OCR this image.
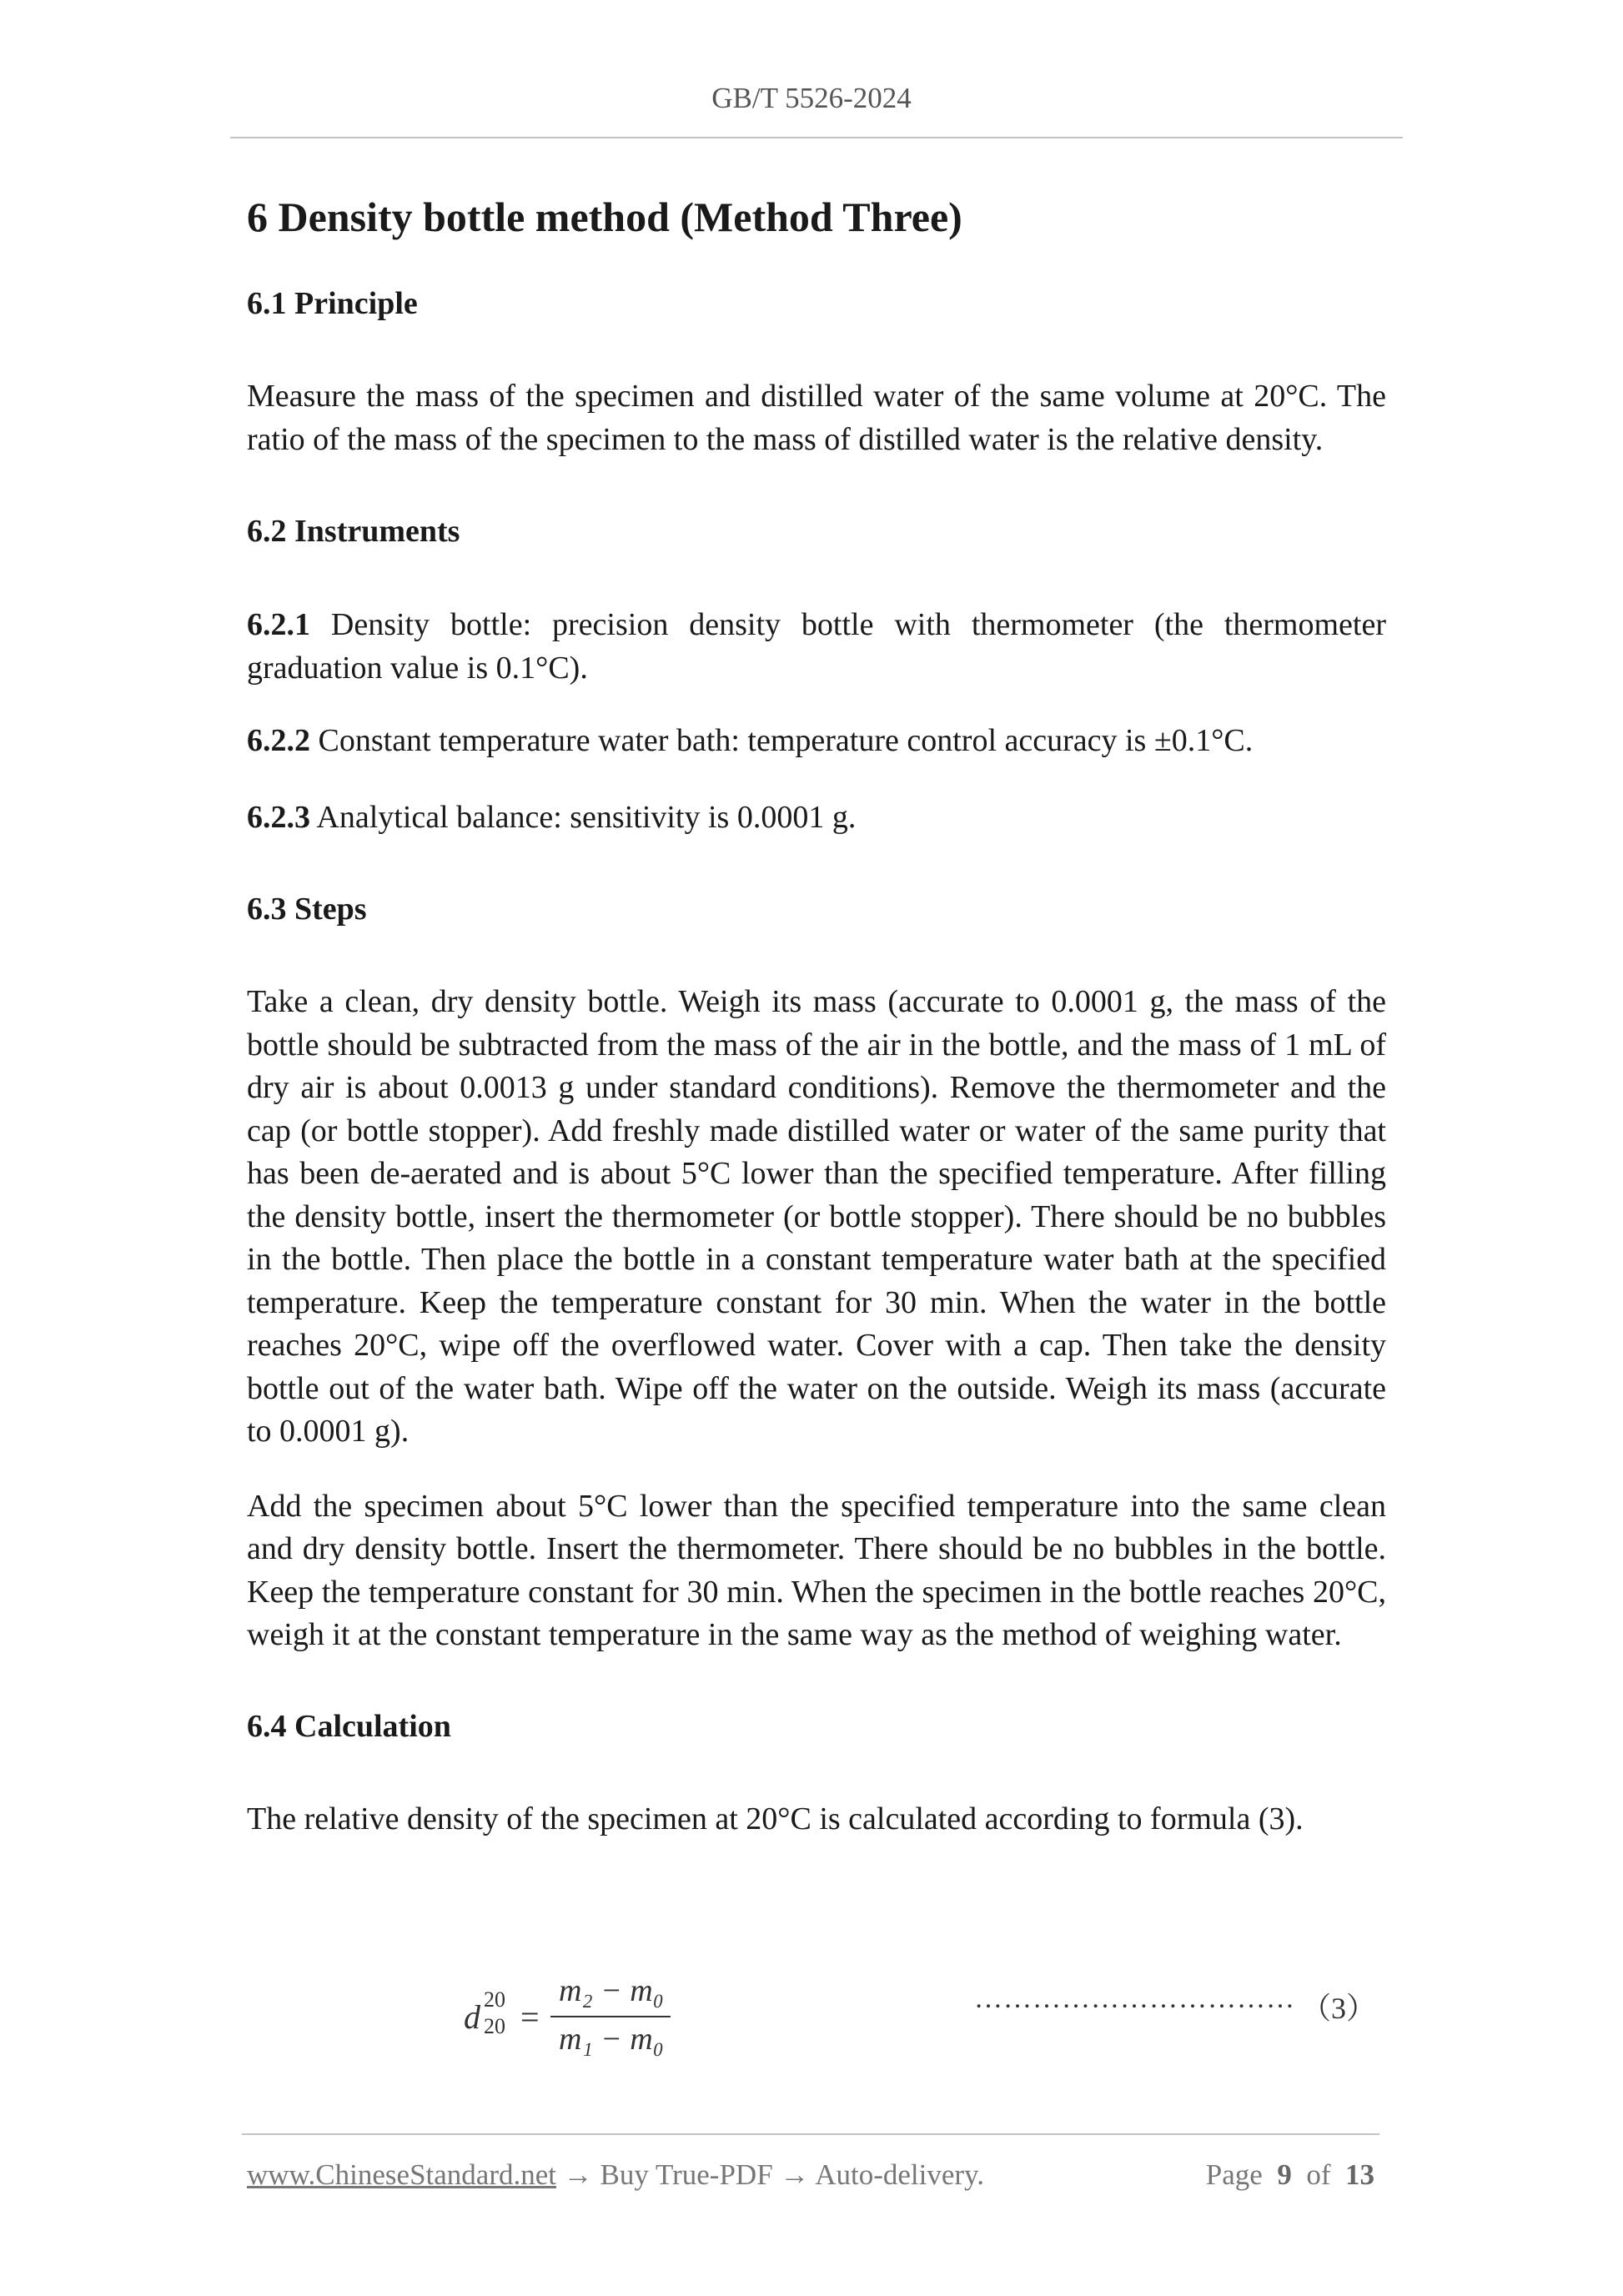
GB/T 5526-2024
6 Density bottle method (Method Three)
6.1 Principle

Measure the mass of the specimen and distilled water of the same volume at 20°C. The ratio of the mass of the specimen to the mass of distilled water is the relative density.

6.2 Instruments

6.2.1 Density bottle: precision density bottle with thermometer (the thermometer graduation value is 0.1°C).

6.2.2 Constant temperature water bath: temperature control accuracy is ±0.1°C.

6.2.3 Analytical balance: sensitivity is 0.0001 g.

6.3 Steps

Take a clean, dry density bottle. Weigh its mass (accurate to 0.0001 g, the mass of the bottle should be subtracted from the mass of the air in the bottle, and the mass of 1 mL of dry air is about 0.0013 g under standard conditions). Remove the thermometer and the cap (or bottle stopper). Add freshly made distilled water or water of the same purity that has been de-aerated and is about 5°C lower than the specified temperature. After filling the density bottle, insert the thermometer (or bottle stopper). There should be no bubbles in the bottle. Then place the bottle in a constant temperature water bath at the specified temperature. Keep the temperature constant for 30 min. When the water in the bottle reaches 20°C, wipe off the overflowed water. Cover with a cap. Then take the density bottle out of the water bath. Wipe off the water on the outside. Weigh its mass (accurate to 0.0001 g).

Add the specimen about 5°C lower than the specified temperature into the same clean and dry density bottle. Insert the thermometer. There should be no bubbles in the bottle. Keep the temperature constant for 30 min. When the specimen in the bottle reaches 20°C, weigh it at the constant temperature in the same way as the method of weighing water.

6.4 Calculation

The relative density of the specimen at 20°C is calculated according to formula (3).

d 20
20 =
m₂ − m₀
m₁ − m₀
…………………………… （3）
www.ChineseStandard.net → Buy True-PDF → Auto-delivery.	Page 9 of 13
